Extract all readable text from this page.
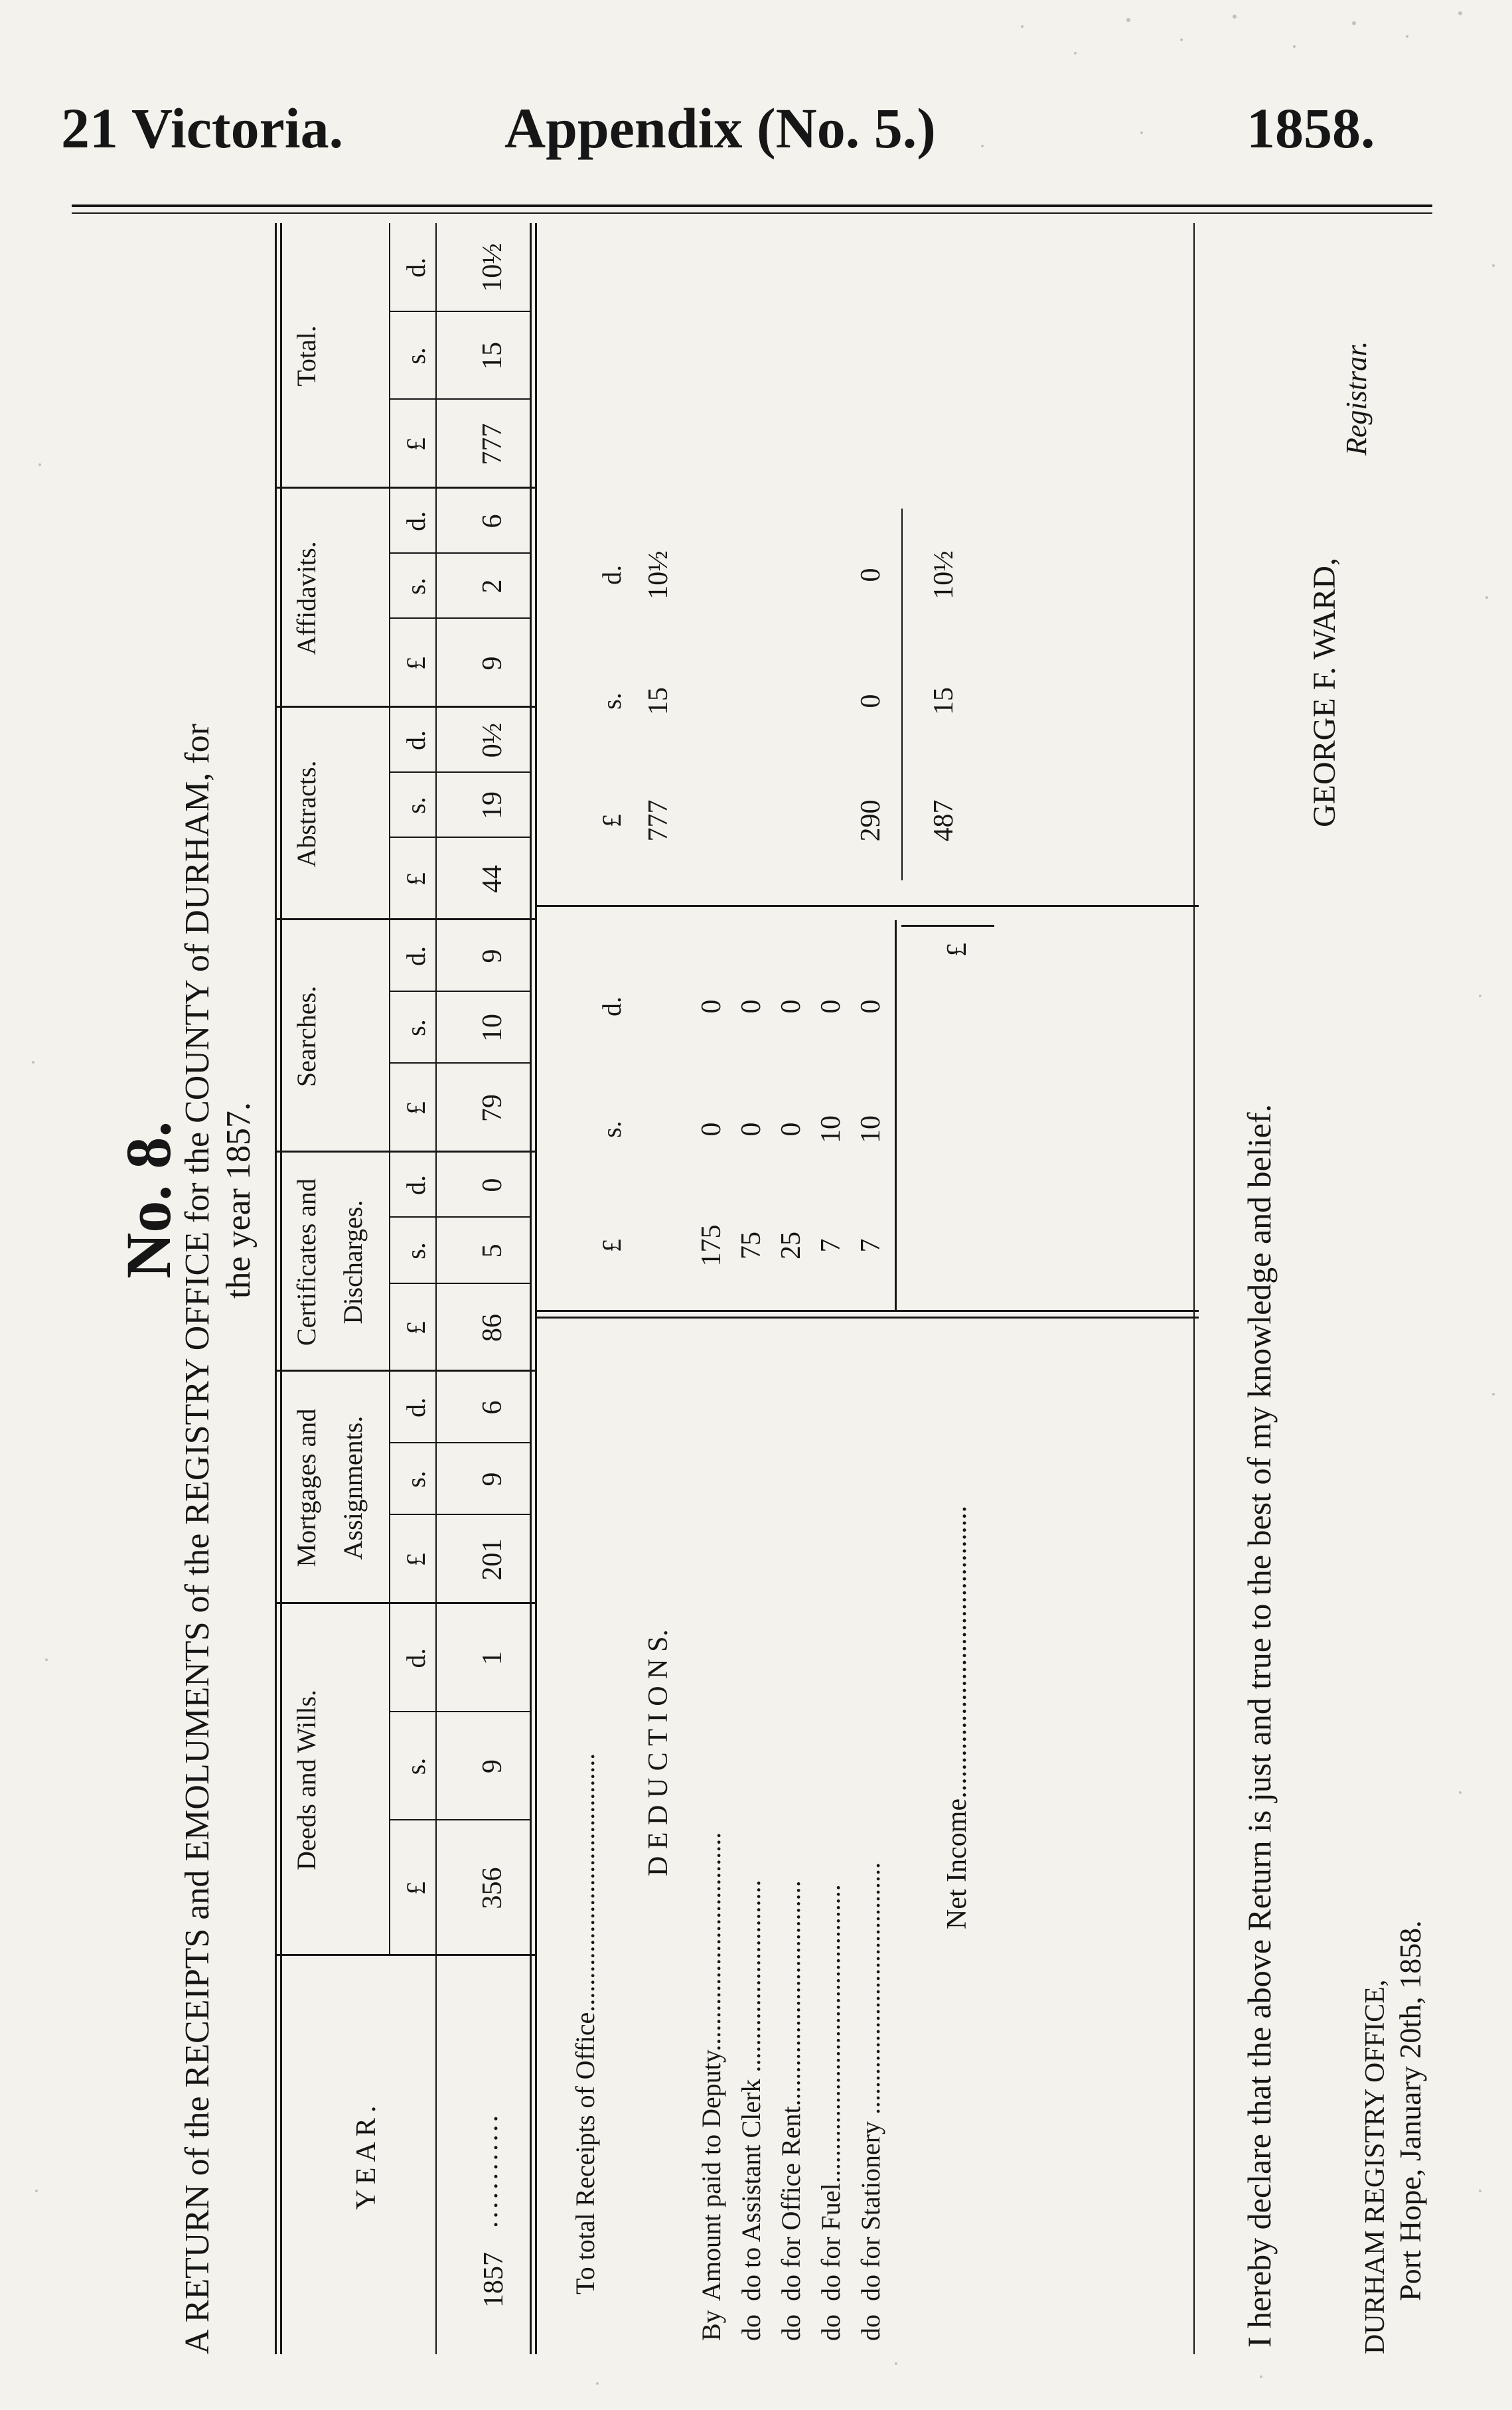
21 Victoria.	Appendix (No. 5.)	1858.
No. 8.
A RETURN of the RECEIPTS and EMOLUMENTS of the REGISTRY OFFICE for the COUNTY of DURHAM, for the year 1857.
YEAR.
Deeds and Wills.
Mortgages and Assignments.
Certificates and Discharges.
Searches.
Abstracts.
Affidavits.
Total.
£
s.
d.
£
s.
d.
£
s.
d.
£
s.
d.
£
s.
d.
£
s.
d.
£
s.
d.
1857
............
356
9
1
201
9
6
86
5
0
79
10
9
44
19
0½
9
2
6
777
15
10½
To total Receipts of Office.......................................
D E D U C T I O N S.
£
s.
d.
By
Amount paid to Deputy.................................
175
0
0
do
do to Assistant Clerk .............................
75
0
0
do
do for Office Rent..................................
25
0
0
do
do for Fuel.............................................
7
10
0
do
do for Stationery ......................................
7
10
0
Net Income..........................................
£
£
s.
d.
777
15
10½
290
0
0
487
15
10½
I hereby declare that the above Return is just and true to the best of my knowledge and belief.
GEORGE F. WARD,
Registrar.
DURHAM REGISTRY OFFICE, Port Hope, January 20th, 1858.
